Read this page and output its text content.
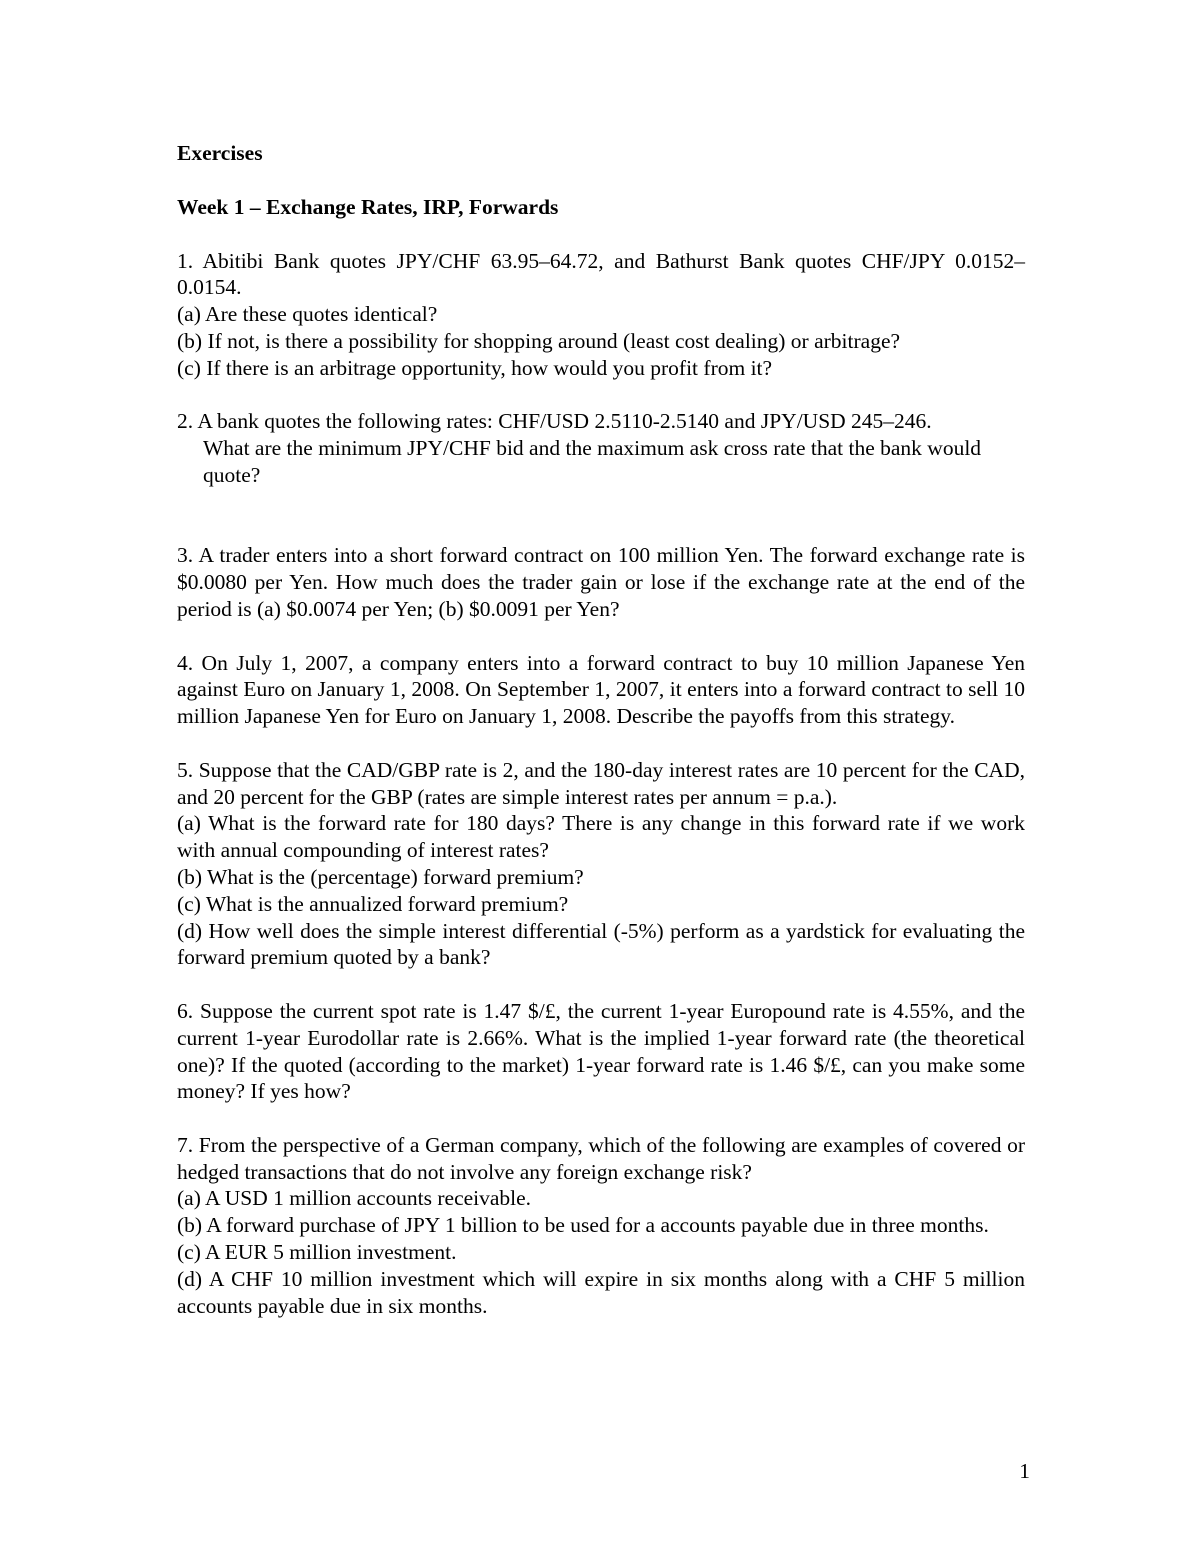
Exercises

Week 1 – Exchange Rates, IRP, Forwards

1. Abitibi Bank quotes JPY/CHF 63.95–64.72, and Bathurst Bank quotes CHF/JPY 0.0152–0.0154.

(a) Are these quotes identical?

(b) If not, is there a possibility for shopping around (least cost dealing) or arbitrage?

(c) If there is an arbitrage opportunity, how would you profit from it?

2. A bank quotes the following rates: CHF/USD 2.5110-2.5140 and JPY/USD 245–246.

What are the minimum JPY/CHF bid and the maximum ask cross rate that the bank would quote?

3. A trader enters into a short forward contract on 100 million Yen. The forward exchange rate is $0.0080 per Yen. How much does the trader gain or lose if the exchange rate at the end of the period is (a) $0.0074 per Yen; (b) $0.0091 per Yen?

4. On July 1, 2007, a company enters into a forward contract to buy 10 million Japanese Yen against Euro on January 1, 2008. On September 1, 2007, it enters into a forward contract to sell 10 million Japanese Yen for Euro on January 1, 2008. Describe the payoffs from this strategy.

5. Suppose that the CAD/GBP rate is 2, and the 180-day interest rates are 10 percent for the CAD, and 20 percent for the GBP (rates are simple interest rates per annum = p.a.).

(a) What is the forward rate for 180 days? There is any change in this forward rate if we work with annual compounding of interest rates?

(b) What is the (percentage) forward premium?

(c) What is the annualized forward premium?

(d) How well does the simple interest differential (-5%) perform as a yardstick for evaluating the forward premium quoted by a bank?

6. Suppose the current spot rate is 1.47 $/£, the current 1-year Europound rate is 4.55%, and the current 1-year Eurodollar rate is 2.66%. What is the implied 1-year forward rate (the theoretical one)? If the quoted (according to the market) 1-year forward rate is 1.46 $/£, can you make some money? If yes how?

7. From the perspective of a German company, which of the following are examples of covered or hedged transactions that do not involve any foreign exchange risk?

(a) A USD 1 million accounts receivable.

(b) A forward purchase of JPY 1 billion to be used for a accounts payable due in three months.

(c) A EUR 5 million investment.

(d) A CHF 10 million investment which will expire in six months along with a CHF 5 million accounts payable due in six months.

1
